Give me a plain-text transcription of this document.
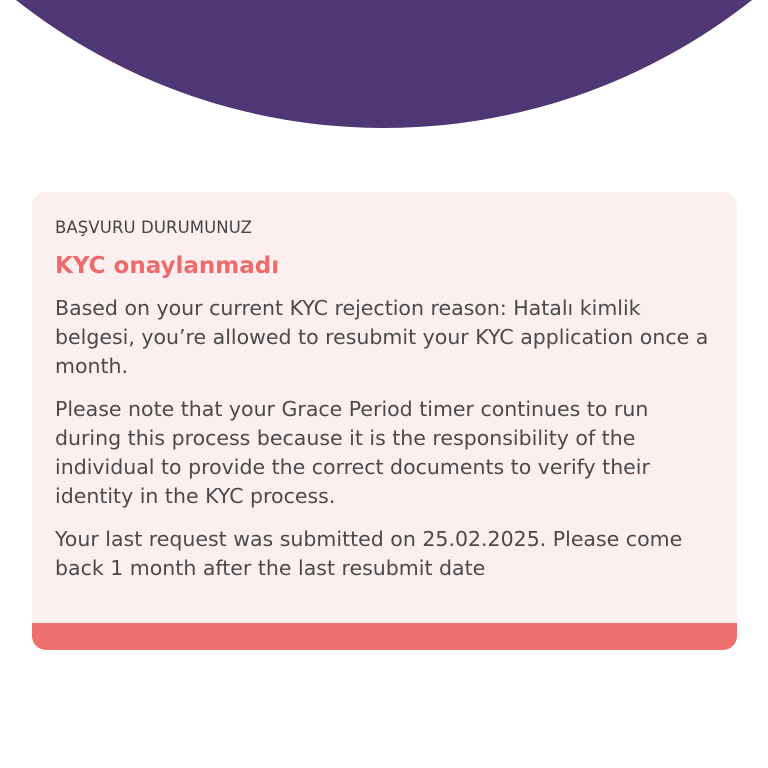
BAŞVURU DURUMUNUZ
KYC onaylanmadı

Based on your current KYC rejection reason: Hatalı kimlik belgesi, you’re allowed to resubmit your KYC application once a month.

Please note that your Grace Period timer continues to run during this process because it is the responsibility of the individual to provide the correct documents to verify their identity in the KYC process.

Your last request was submitted on 25.02.2025. Please come back 1 month after the last resubmit date
